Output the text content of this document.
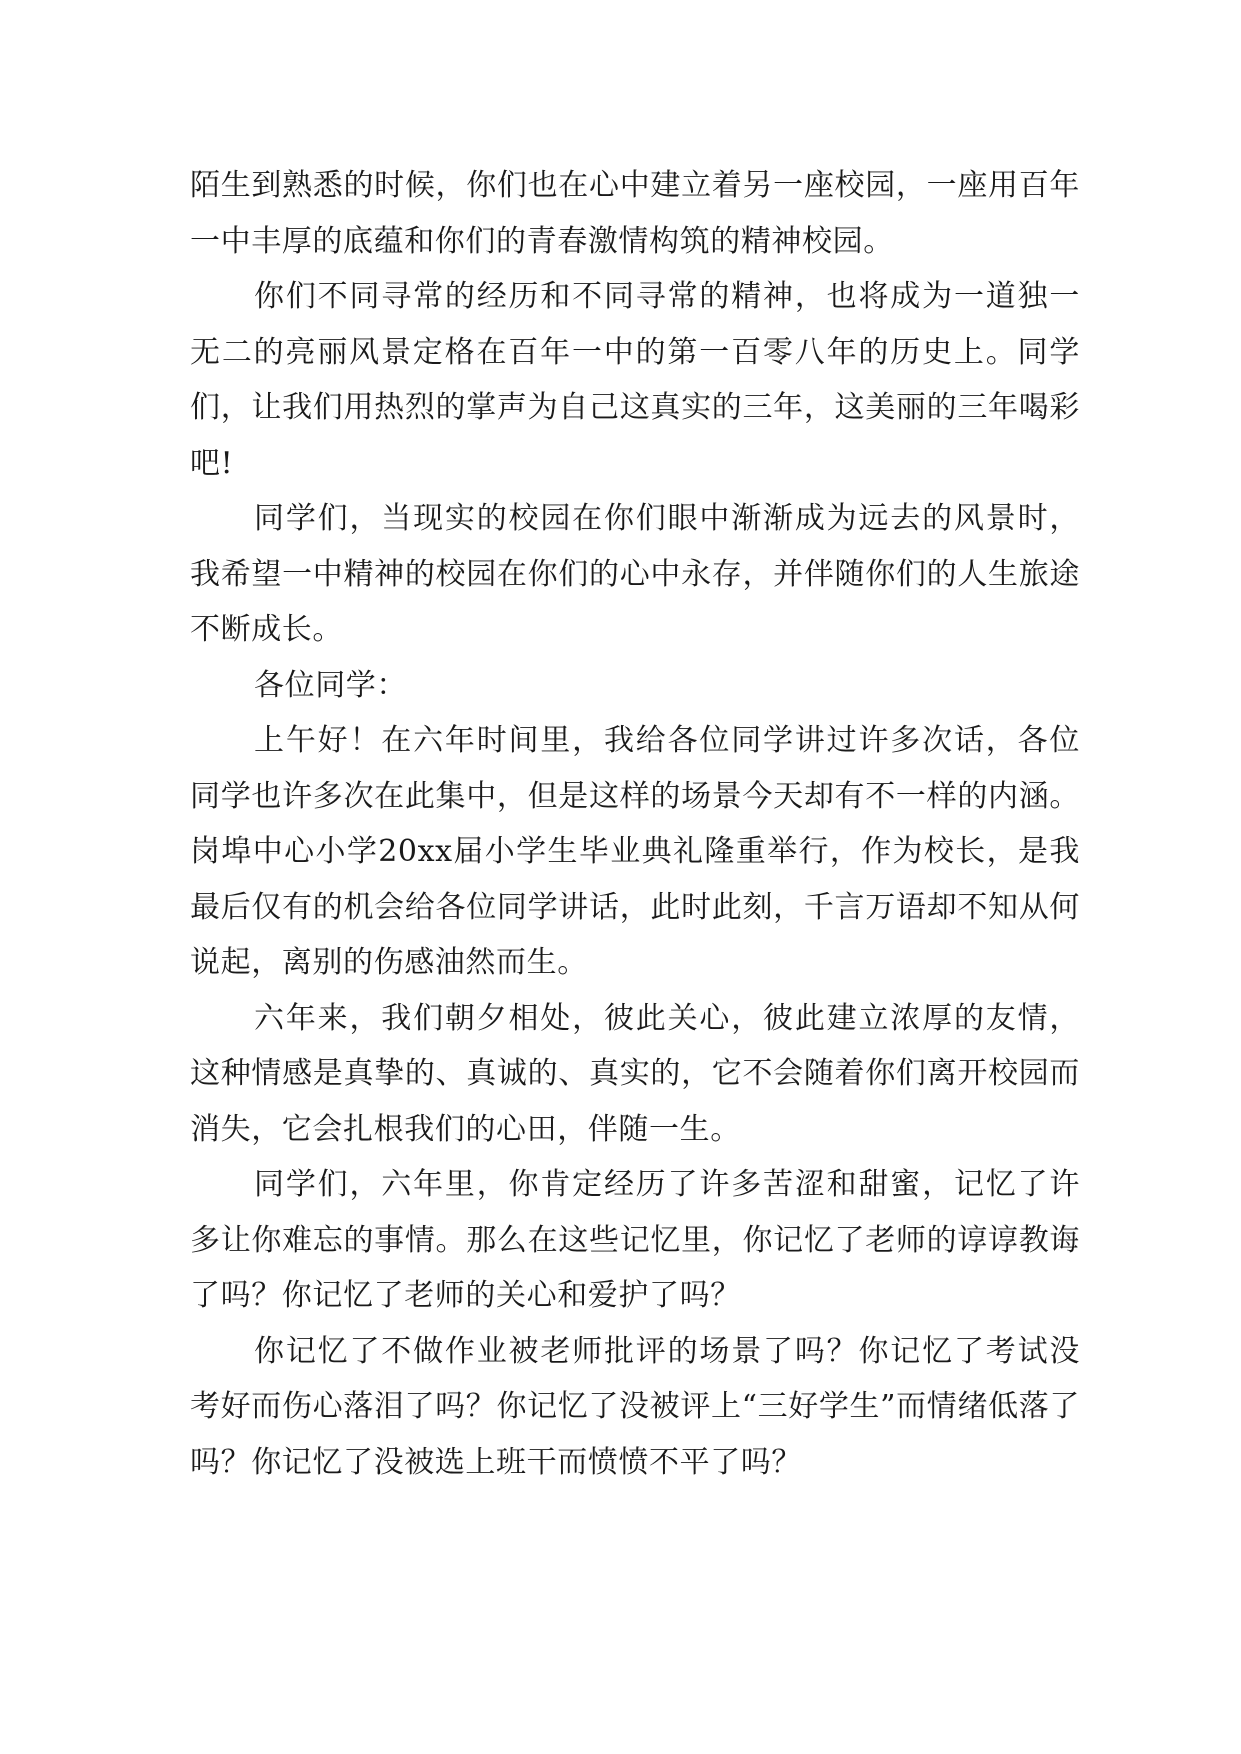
陌生到熟悉的时候，你们也在心中建立着另一座校园，一座用百年一中丰厚的底蕴和你们的青春激情构筑的精神校园。

你们不同寻常的经历和不同寻常的精神，也将成为一道独一无二的亮丽风景定格在百年一中的第一百零八年的历史上。同学们，让我们用热烈的掌声为自己这真实的三年，这美丽的三年喝彩吧!

同学们，当现实的校园在你们眼中渐渐成为远去的风景时，我希望一中精神的校园在你们的心中永存，并伴随你们的人生旅途不断成长。

各位同学：

上午好！在六年时间里，我给各位同学讲过许多次话，各位同学也许多次在此集中，但是这样的场景今天却有不一样的内涵。岗埠中心小学20xx届小学生毕业典礼隆重举行，作为校长，是我最后仅有的机会给各位同学讲话，此时此刻，千言万语却不知从何说起，离别的伤感油然而生。

六年来，我们朝夕相处，彼此关心，彼此建立浓厚的友情，这种情感是真挚的、真诚的、真实的，它不会随着你们离开校园而消失，它会扎根我们的心田，伴随一生。

同学们，六年里，你肯定经历了许多苦涩和甜蜜，记忆了许多让你难忘的事情。那么在这些记忆里，你记忆了老师的谆谆教诲了吗？你记忆了老师的关心和爱护了吗？

你记忆了不做作业被老师批评的场景了吗？你记忆了考试没考好而伤心落泪了吗？你记忆了没被评上“三好学生”而情绪低落了吗？你记忆了没被选上班干而愤愤不平了吗？
